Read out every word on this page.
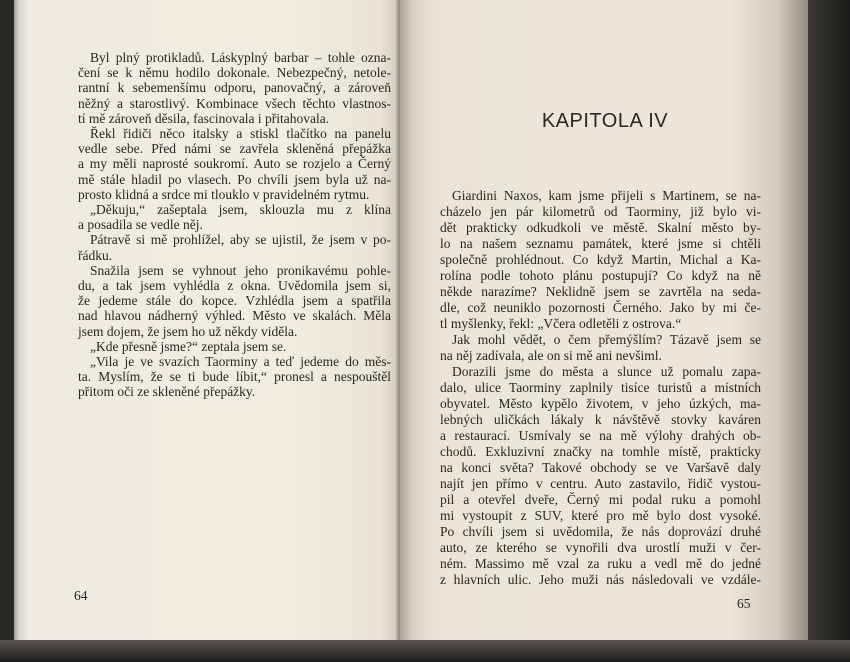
Byl plný protikladů. Láskyplný barbar – tohle ozna-
čení se k němu hodilo dokonale. Nebezpečný, netole-
rantní k sebemenšímu odporu, panovačný, a zároveň
něžný a starostlivý. Kombinace všech těchto vlastnos-
tí mě zároveň děsila, fascinovala i přitahovala.
Řekl řidiči něco italsky a stiskl tlačítko na panelu
vedle sebe. Před námi se zavřela skleněná přepážka
a my měli naprosté soukromí. Auto se rozjelo a Černý
mě stále hladil po vlasech. Po chvíli jsem byla už na-
prosto klidná a srdce mi tlouklo v pravidelném rytmu.
„Děkuju,“ zašeptala jsem, sklouzla mu z klína
a posadila se vedle něj.
Pátravě si mě prohlížel, aby se ujistil, že jsem v po-
řádku.
Snažila jsem se vyhnout jeho pronikavému pohle-
du, a tak jsem vyhlédla z okna. Uvědomila jsem si,
že jedeme stále do kopce. Vzhlédla jsem a spatřila
nad hlavou nádherný výhled. Město ve skalách. Měla
jsem dojem, že jsem ho už někdy viděla.
„Kde přesně jsme?“ zeptala jsem se.
„Vila je ve svazích Taorminy a teď jedeme do měs-
ta. Myslím, že se ti bude líbit,“ pronesl a nespouštěl
přitom oči ze skleněné přepážky.
64
KAPITOLA IV
Giardini Naxos, kam jsme přijeli s Martinem, se na-
cházelo jen pár kilometrů od Taorminy, již bylo vi-
dět prakticky odkudkoli ve městě. Skalní město by-
lo na našem seznamu památek, které jsme si chtěli
společně prohlédnout. Co když Martin, Michal a Ka-
rolína podle tohoto plánu postupují? Co když na ně
někde narazíme? Neklidně jsem se zavrtěla na seda-
dle, což neuniklo pozornosti Černého. Jako by mi če-
tl myšlenky, řekl: „Včera odletěli z ostrova.“
Jak mohl vědět, o čem přemýšlím? Tázavě jsem se
na něj zadívala, ale on si mě ani nevšiml.
Dorazili jsme do města a slunce už pomalu zapa-
dalo, ulice Taorminy zaplnily tisíce turistů a místních
obyvatel. Město kypělo životem, v jeho úzkých, ma-
lebných uličkách lákaly k návštěvě stovky kaváren
a restaurací. Usmívaly se na mě výlohy drahých ob-
chodů. Exkluzivní značky na tomhle místě, prakticky
na konci světa? Takové obchody se ve Varšavě daly
najít jen přímo v centru. Auto zastavilo, řidič vystou-
pil a otevřel dveře, Černý mi podal ruku a pomohl
mi vystoupit z SUV, které pro mě bylo dost vysoké.
Po chvíli jsem si uvědomila, že nás doprovází druhé
auto, ze kterého se vynořili dva urostlí muži v čer-
ném. Massimo mě vzal za ruku a vedl mě do jedné
z hlavních ulic. Jeho muži nás následovali ve vzdále-
65
